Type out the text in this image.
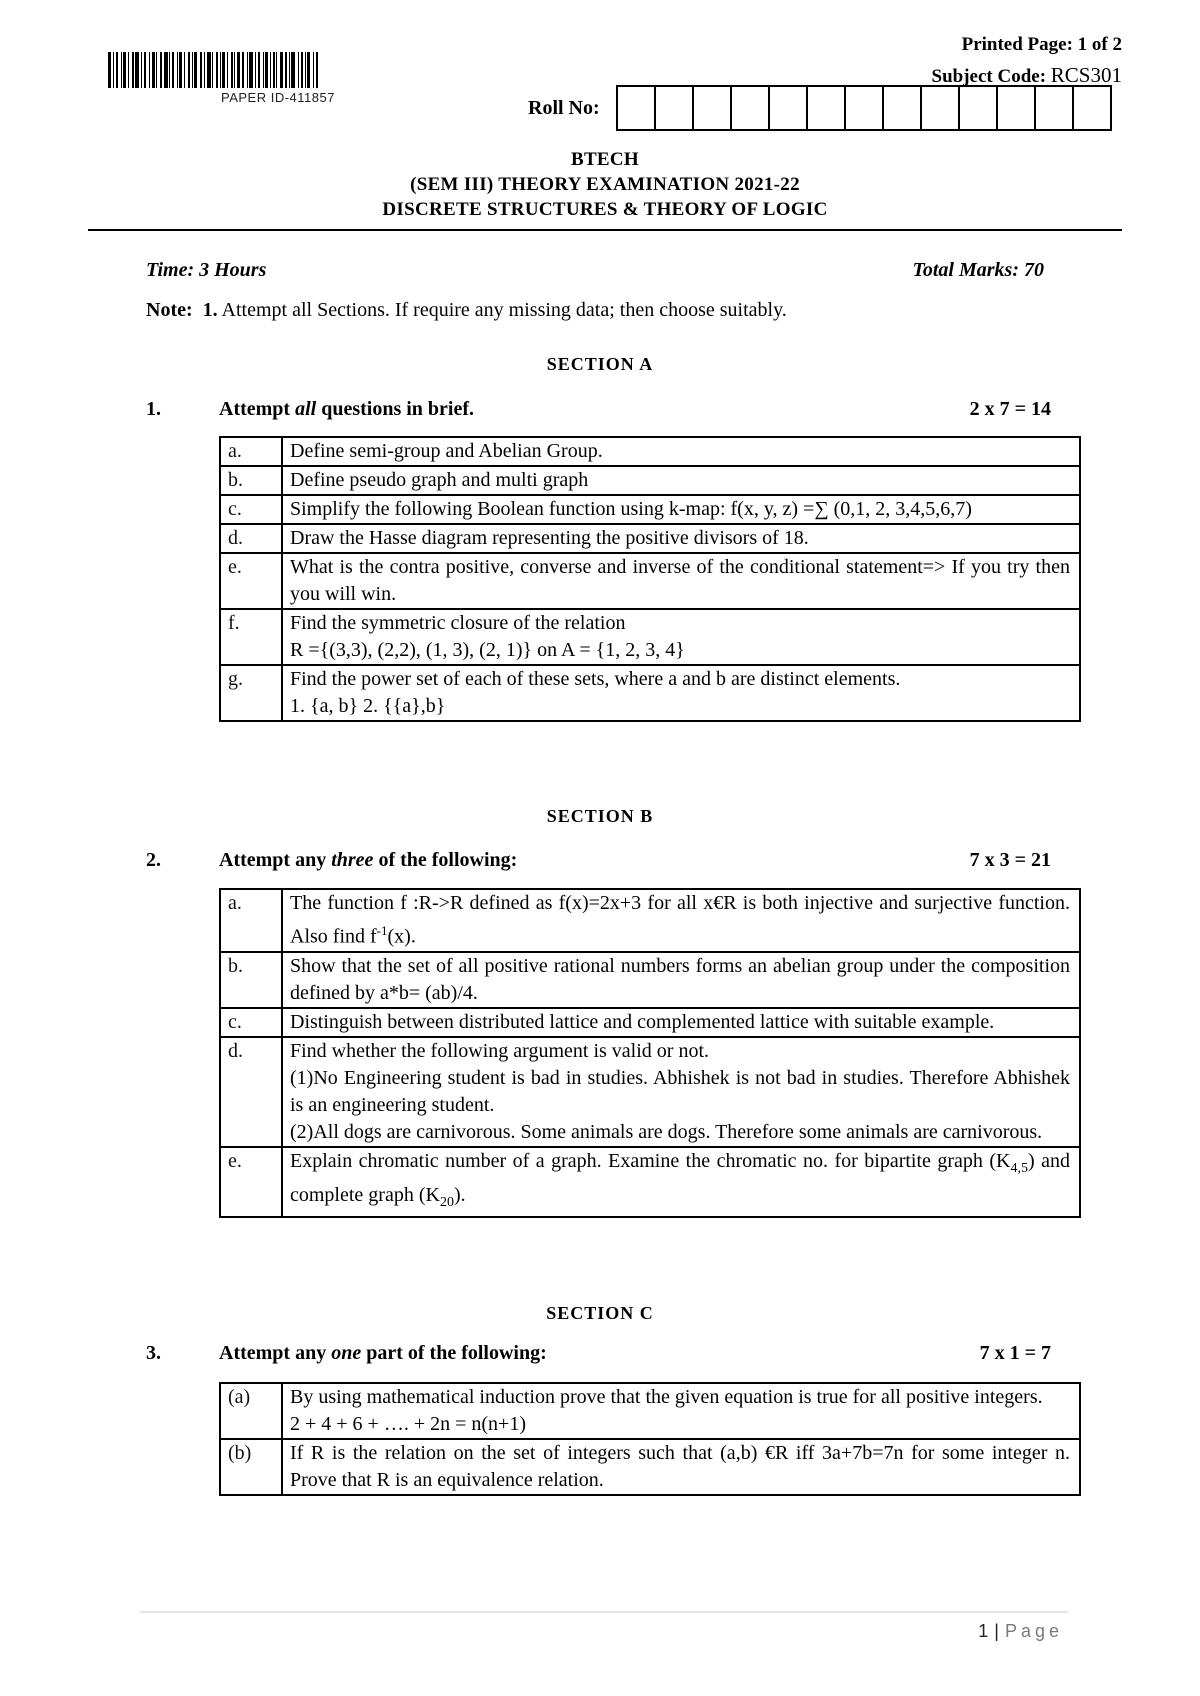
PAPER ID-411857
Printed Page: 1 of 2
Subject Code: RCS301
Roll No:
BTECH
(SEM III) THEORY EXAMINATION 2021-22
DISCRETE STRUCTURES & THEORY OF LOGIC
Time: 3 Hours	Total Marks: 70
Note: 1. Attempt all Sections. If require any missing data; then choose suitably.
SECTION A
1.	Attempt all questions in brief.	2 x 7 = 14
a.	Define semi-group and Abelian Group.
b.	Define pseudo graph and multi graph
c.	Simplify the following Boolean function using k-map: f(x, y, z) =∑ (0,1, 2, 3,4,5,6,7)
d.	Draw the Hasse diagram representing the positive divisors of 18.
e.	What is the contra positive, converse and inverse of the conditional statement=> If you try then you will win.
f.	Find the symmetric closure of the relation
R ={(3,3), (2,2), (1, 3), (2, 1)} on A = {1, 2, 3, 4}

g.	Find the power set of each of these sets, where a and b are distinct elements.
1. {a, b} 2. {{a},b}
SECTION B
2.	Attempt any three of the following:	7 x 3 = 21
a.	The function f :R->R defined as f(x)=2x+3 for all x€R is both injective and surjective function. Also find $f^{-1}(x)$.
b.	Show that the set of all positive rational numbers forms an abelian group under the composition defined by a*b= (ab)/4.
c.	Distinguish between distributed lattice and complemented lattice with suitable example.
d.	Find whether the following argument is valid or not.
(1)No Engineering student is bad in studies. Abhishek is not bad in studies. Therefore Abhishek is an engineering student.
(2)All dogs are carnivorous. Some animals are dogs. Therefore some animals are carnivorous.

e.	Explain chromatic number of a graph. Examine the chromatic no. for bipartite graph $(K_{4,5})$ and complete graph $(K_{20})$.
SECTION C
3.	Attempt any one part of the following:	7 x 1 = 7
(a)	By using mathematical induction prove that the given equation is true for all positive integers.
2 + 4 + 6 + …. + 2n = n(n+1)

(b)	If R is the relation on the set of integers such that (a,b) €R iff 3a+7b=7n for some integer n. Prove that R is an equivalence relation.
1 | Page
